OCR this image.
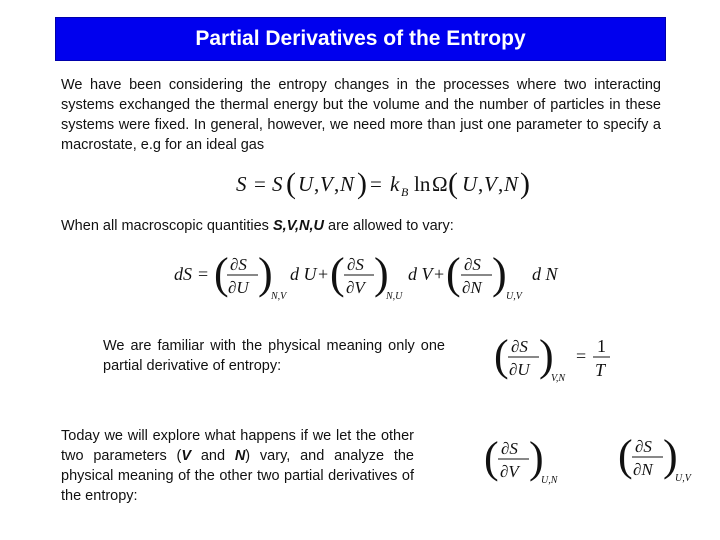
Partial Derivatives of the Entropy

We have been considering the entropy changes in the processes where two interacting systems exchanged the thermal energy but the volume and the number of particles in these systems were fixed. In general, however, we need more than just one parameter to specify a macrostate, e.g for an ideal gas

S = S ( U , V , N ) = k B ln Ω ( U , V , N )

When all macroscopic quantities S,V,N,U are allowed to vary:

dS = ( ∂S
∂U )
N,V
d U + ( ∂S
∂V )
N,U
d V + ( ∂S
∂N ) U,V
d N

We are familiar with the physical meaning only one partial derivative of entropy:	( ∂S
∂U )
V,N
= 1
T

Today we will explore what happens if we let the other two parameters (V and N) vary, and analyze the physical meaning of the other two partial derivatives of the entropy:

( ∂S
∂V )
U,N
( ∂S
∂N )
U,V
